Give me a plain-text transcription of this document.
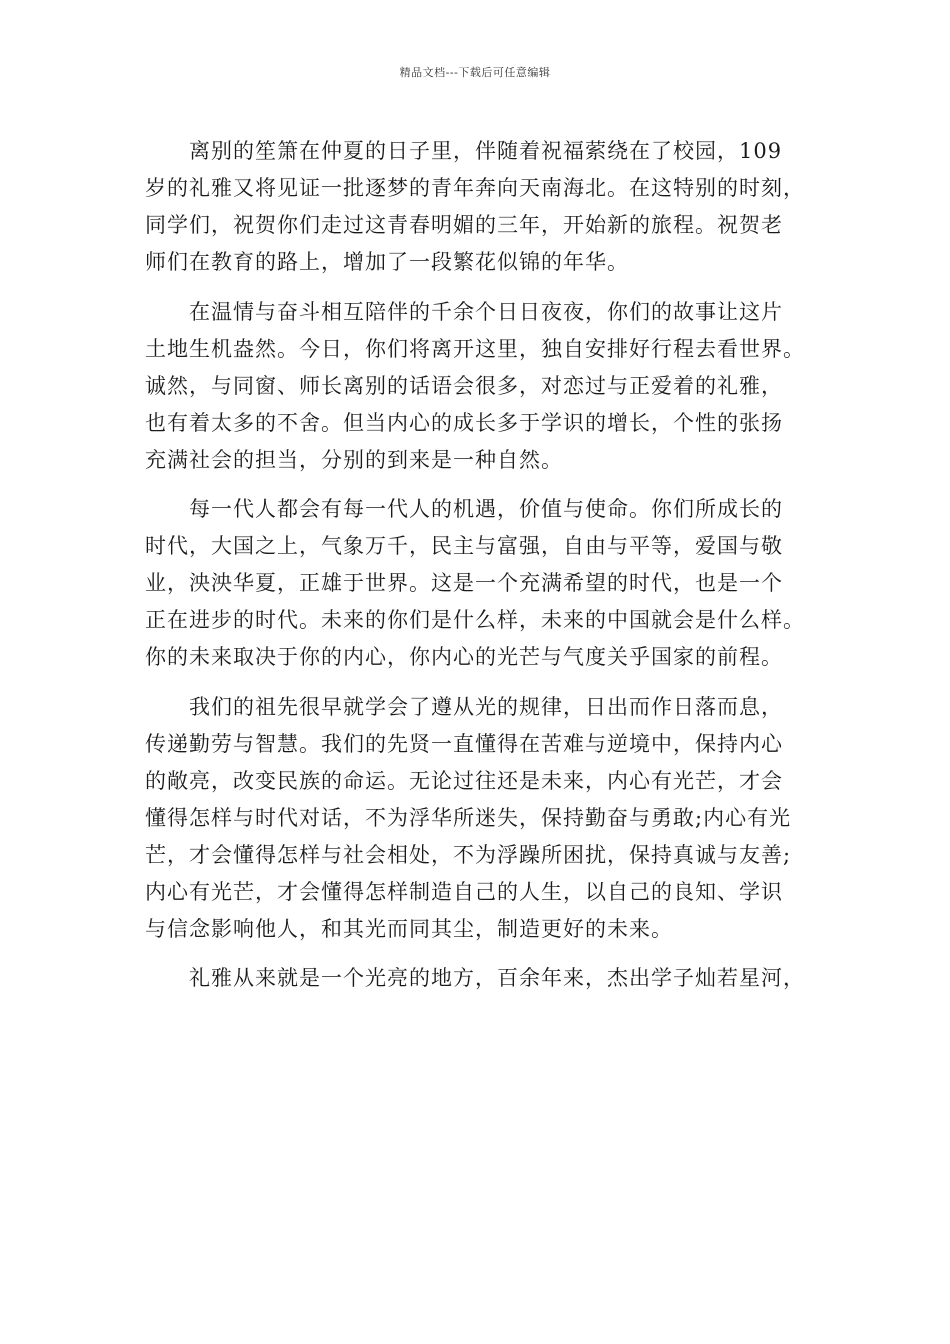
精品文档---下载后可任意编辑

离别的笙箫在仲夏的日子里，伴随着祝福萦绕在了校园，109
岁的礼雅又将见证一批逐梦的青年奔向天南海北。在这特别的时刻，
同学们，祝贺你们走过这青春明媚的三年，开始新的旅程。祝贺老
师们在教育的路上，增加了一段繁花似锦的年华。

在温情与奋斗相互陪伴的千余个日日夜夜，你们的故事让这片
土地生机盎然。今日，你们将离开这里，独自安排好行程去看世界。
诚然，与同窗、师长离别的话语会很多，对恋过与正爱着的礼雅，
也有着太多的不舍。但当内心的成长多于学识的增长，个性的张扬
充满社会的担当，分别的到来是一种自然。

每一代人都会有每一代人的机遇，价值与使命。你们所成长的
时代，大国之上，气象万千，民主与富强，自由与平等，爱国与敬
业，泱泱华夏，正雄于世界。这是一个充满希望的时代，也是一个
正在进步的时代。未来的你们是什么样，未来的中国就会是什么样。
你的未来取决于你的内心，你内心的光芒与气度关乎国家的前程。

我们的祖先很早就学会了遵从光的规律，日出而作日落而息，
传递勤劳与智慧。我们的先贤一直懂得在苦难与逆境中，保持内心
的敞亮，改变民族的命运。无论过往还是未来，内心有光芒，才会
懂得怎样与时代对话，不为浮华所迷失，保持勤奋与勇敢;内心有光
芒，才会懂得怎样与社会相处，不为浮躁所困扰，保持真诚与友善;
内心有光芒，才会懂得怎样制造自己的人生，以自己的良知、学识
与信念影响他人，和其光而同其尘，制造更好的未来。

礼雅从来就是一个光亮的地方，百余年来，杰出学子灿若星河，
